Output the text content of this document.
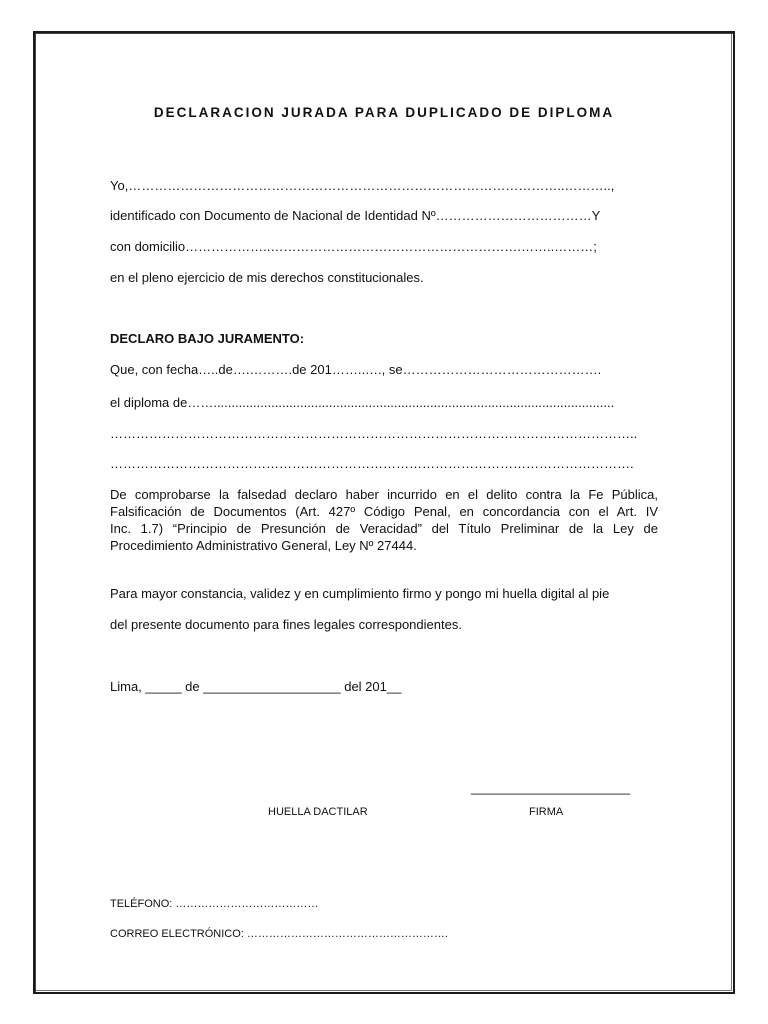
DECLARACION JURADA PARA DUPLICADO DE DIPLOMA
Yo,………………………………………………………………………………………..………..,
identificado con Documento de Nacional de Identidad Nº………………………………Y
con domicilio………………..………………………………………………….……..………;
en el pleno ejercicio de mis derechos constitucionales.
DECLARO BAJO JURAMENTO:
Que, con fecha…..de….……….de 201……..…., se……………………………………….
el diploma de……...............................................................................................................
…………………………………………………………………………………………………………..
………………………………………………………………………………………………………….
De comprobarse la falsedad declaro haber incurrido en el delito contra la Fe Pública,
Falsificación de Documentos (Art. 427º Código Penal, en concordancia con el Art. IV
Inc. 1.7) “Principio de Presunción de Veracidad” del Título Preliminar de la Ley de
Procedimiento Administrativo General, Ley Nº 27444.
Para mayor constancia, validez y en cumplimiento firmo y pongo mi huella digital al pie
del presente documento para fines legales correspondientes.
Lima, _____ de ___________________ del 201__
______________________
HUELLA DACTILAR	FIRMA
TELÉFONO: …………………………………
CORREO ELECTRÓNICO: ……………………………………………….
